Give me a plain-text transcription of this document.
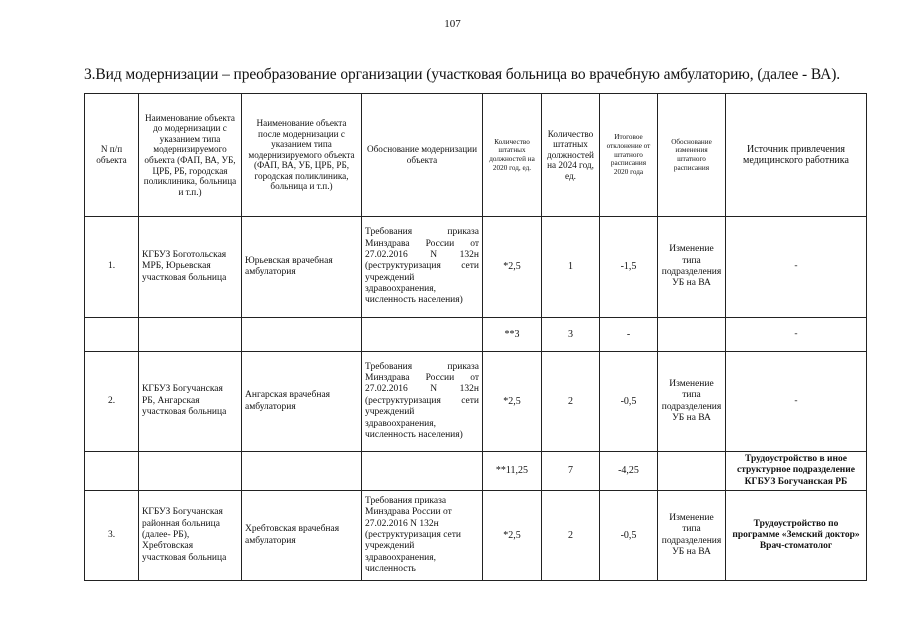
107
3.Вид модернизации – преобразование организации (участковая больница во врачебную амбулаторию, (далее - ВА).
N п/п объекта	Наименование объекта до модернизации с указанием типа модернизируемого объекта (ФАП, ВА, УБ, ЦРБ, РБ, городская поликлиника, больница и т.п.)	Наименование объекта после модернизации с указанием типа модернизируемого объекта (ФАП, ВА, УБ, ЦРБ, РБ, городская поликлиника, больница и т.п.)	Обоснование модернизации объекта	Количество штатных должностей на 2020 год, ед.	Количество штатных должностей на 2024 год, ед.	Итоговое отклонение от штатного расписания 2020 года	Обоснование изменения штатного расписания	Источник привлечения медицинского работника
1.	КГБУЗ Боготольская МРБ, Юрьевская участковая больница	Юрьевская врачебная амбулатория	Требования приказа Минздрава России от 27.02.2016 N 132н (реструктуризация сети учреждений здравоохранения, численность населения)	*2,5	1	-1,5	Изменение типа подразделения УБ на ВА	-
				**3	3	-		-
2.	КГБУЗ Богучанская РБ, Ангарская участковая больница	Ангарская врачебная амбулатория	Требования приказа Минздрава России от 27.02.2016 N 132н (реструктуризация сети учреждений здравоохранения, численность населения)	*2,5	2	-0,5	Изменение типа подразделения УБ на ВА	-
				**11,25	7	-4,25		Трудоустройство в иное структурное подразделение КГБУЗ Богучанская РБ
3.	КГБУЗ Богучанская районная больница (далее- РБ), Хребтовская участковая больница	Хребтовская врачебная амбулатория	Требования приказа Минздрава России от 27.02.2016 N 132н (реструктуризация сети учреждений здравоохранения, численность	*2,5	2	-0,5	Изменение типа подразделения УБ на ВА	Трудоустройство по программе «Земский доктор» Врач-стоматолог
